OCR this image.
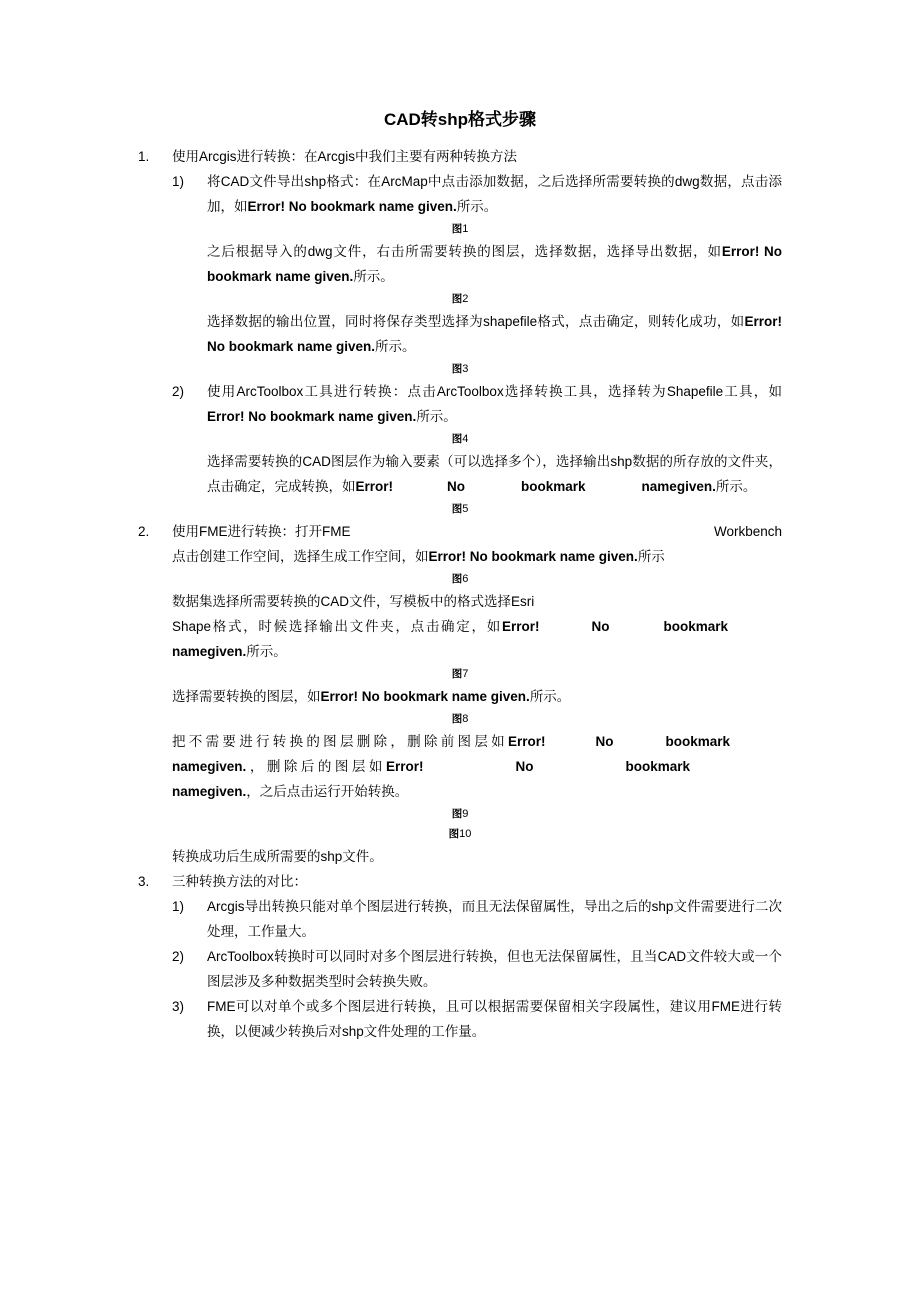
CAD转shp格式步骤
1.	使用Arcgis进行转换：在Arcgis中我们主要有两种转换方法
1)	将CAD文件导出shp格式：在ArcMap中点击添加数据，之后选择所需要转换的dwg数据，点击添加，如Error! No bookmark name given.所示。

图1

之后根据导入的dwg文件，右击所需要转换的图层，选择数据，选择导出数据，如Error! No bookmark name given.所示。

图2

选择数据的输出位置，同时将保存类型选择为shapefile格式，点击确定，则转化成功，如Error! No bookmark name given.所示。

图3

2)	使用ArcToolbox工具进行转换：点击ArcToolbox选择转换工具，选择转为Shapefile工具，如Error! No bookmark name given.所示。

图4

选择需要转换的CAD图层作为输入要素（可以选择多个），选择输出shp数据的所存放的文件夹，点击确定，完成转换，如Error!	No	bookmark	namegiven.所示。

图5

2.	Workbench
使用FME进行转换：打开FME
点击创建工作空间，选择生成工作空间，如Error! No bookmark name given.所示

图6

数据集选择所需要转换的CAD文件，写模板中的格式选择Esri
Shape格式，时候选择输出文件夹，点击确定，如Error!	No	bookmarknamegiven.所示。

图7

选择需要转换的图层，如Error! No bookmark name given.所示。

图8

把不需要进行转换的图层删除，删除前图层如Error!	No	bookmarknamegiven.，删除后的图层如Error!	No	bookmarknamegiven.，之后点击运行开始转换。

图9

图10

转换成功后生成所需要的shp文件。
3.	三种转换方法的对比：
1)	Arcgis导出转换只能对单个图层进行转换，而且无法保留属性，导出之后的shp文件需要进行二次处理，工作量大。
2)	ArcToolbox转换时可以同时对多个图层进行转换，但也无法保留属性，且当CAD文件较大或一个图层涉及多种数据类型时会转换失败。
3)	FME可以对单个或多个图层进行转换，且可以根据需要保留相关字段属性，建议用FME进行转换，以便减少转换后对shp文件处理的工作量。
